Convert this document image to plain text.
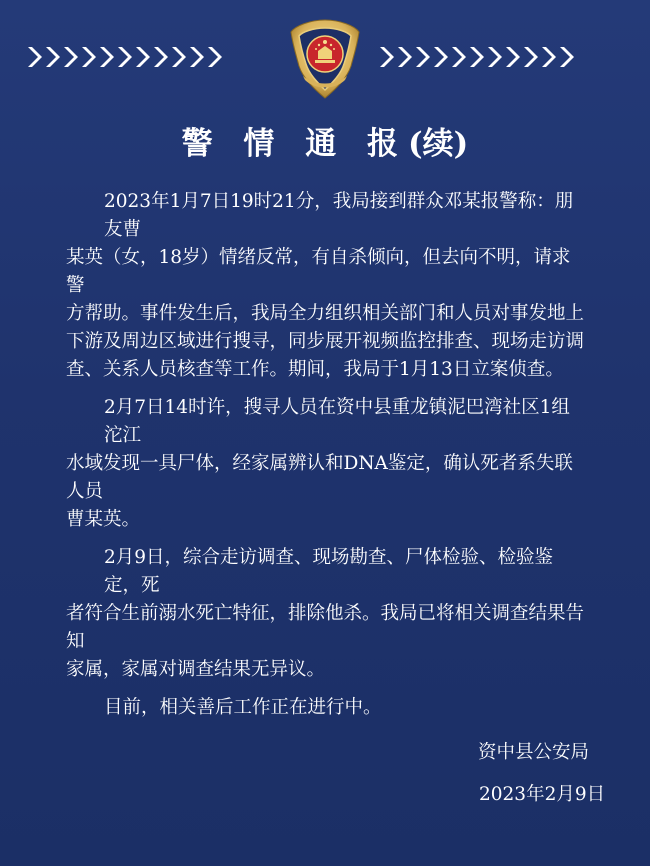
警 情 通 报(续)
2023年1月7日19时21分，我局接到群众邓某报警称：朋友曹
某英（女，18岁）情绪反常，有自杀倾向，但去向不明，请求警
方帮助。事件发生后，我局全力组织相关部门和人员对事发地上
下游及周边区域进行搜寻，同步展开视频监控排查、现场走访调
查、关系人员核查等工作。期间，我局于1月13日立案侦查。
2月7日14时许，搜寻人员在资中县重龙镇泥巴湾社区1组沱江
水域发现一具尸体，经家属辨认和DNA鉴定，确认死者系失联人员
曹某英。
2月9日，综合走访调查、现场勘查、尸体检验、检验鉴定，死
者符合生前溺水死亡特征，排除他杀。我局已将相关调查结果告知
家属，家属对调查结果无异议。
目前，相关善后工作正在进行中。
资中县公安局
2023年2月9日
